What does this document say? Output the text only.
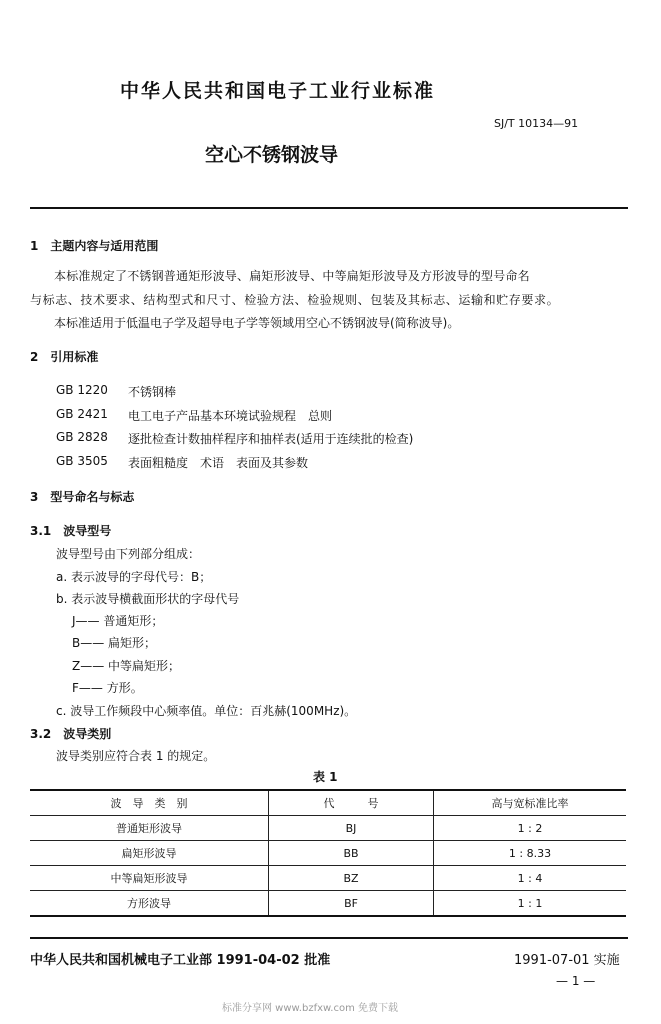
中华人民共和国电子工业行业标准
SJ/T 10134—91
空心不锈钢波导
1　主题内容与适用范围
本标准规定了不锈钢普通矩形波导、扁矩形波导、中等扁矩形波导及方形波导的型号命名
与标志、技术要求、结构型式和尺寸、检验方法、检验规则、包装及其标志、运输和贮存要求。
本标准适用于低温电子学及超导电子学等领域用空心不锈钢波导(简称波导)。
2　引用标准
GB 1220 不锈钢棒
GB 2421 电工电子产品基本环境试验规程　总则
GB 2828 逐批检查计数抽样程序和抽样表(适用于连续批的检查)
GB 3505 表面粗糙度　术语　表面及其参数
3　型号命名与标志
3.1　波导型号
波导型号由下列部分组成：
a. 表示波导的字母代号：B；
b. 表示波导横截面形状的字母代号
J—— 普通矩形；
B—— 扁矩形；
Z—— 中等扁矩形；
F—— 方形。
c. 波导工作频段中心频率值。单位：百兆赫(100MHz)。
3.2　波导类别
波导类别应符合表 1 的规定。
表 1
波　导　类　别	代　　　号	高与宽标准比率
普通矩形波导	BJ	1 : 2
扁矩形波导	BB	1 : 8.33
中等扁矩形波导	BZ	1 : 4
方形波导	BF	1 : 1
中华人民共和国机械电子工业部 1991-04-02 批准	1991-07-01 实施
— 1 —
标准分享网 www.bzfxw.com 免费下载
